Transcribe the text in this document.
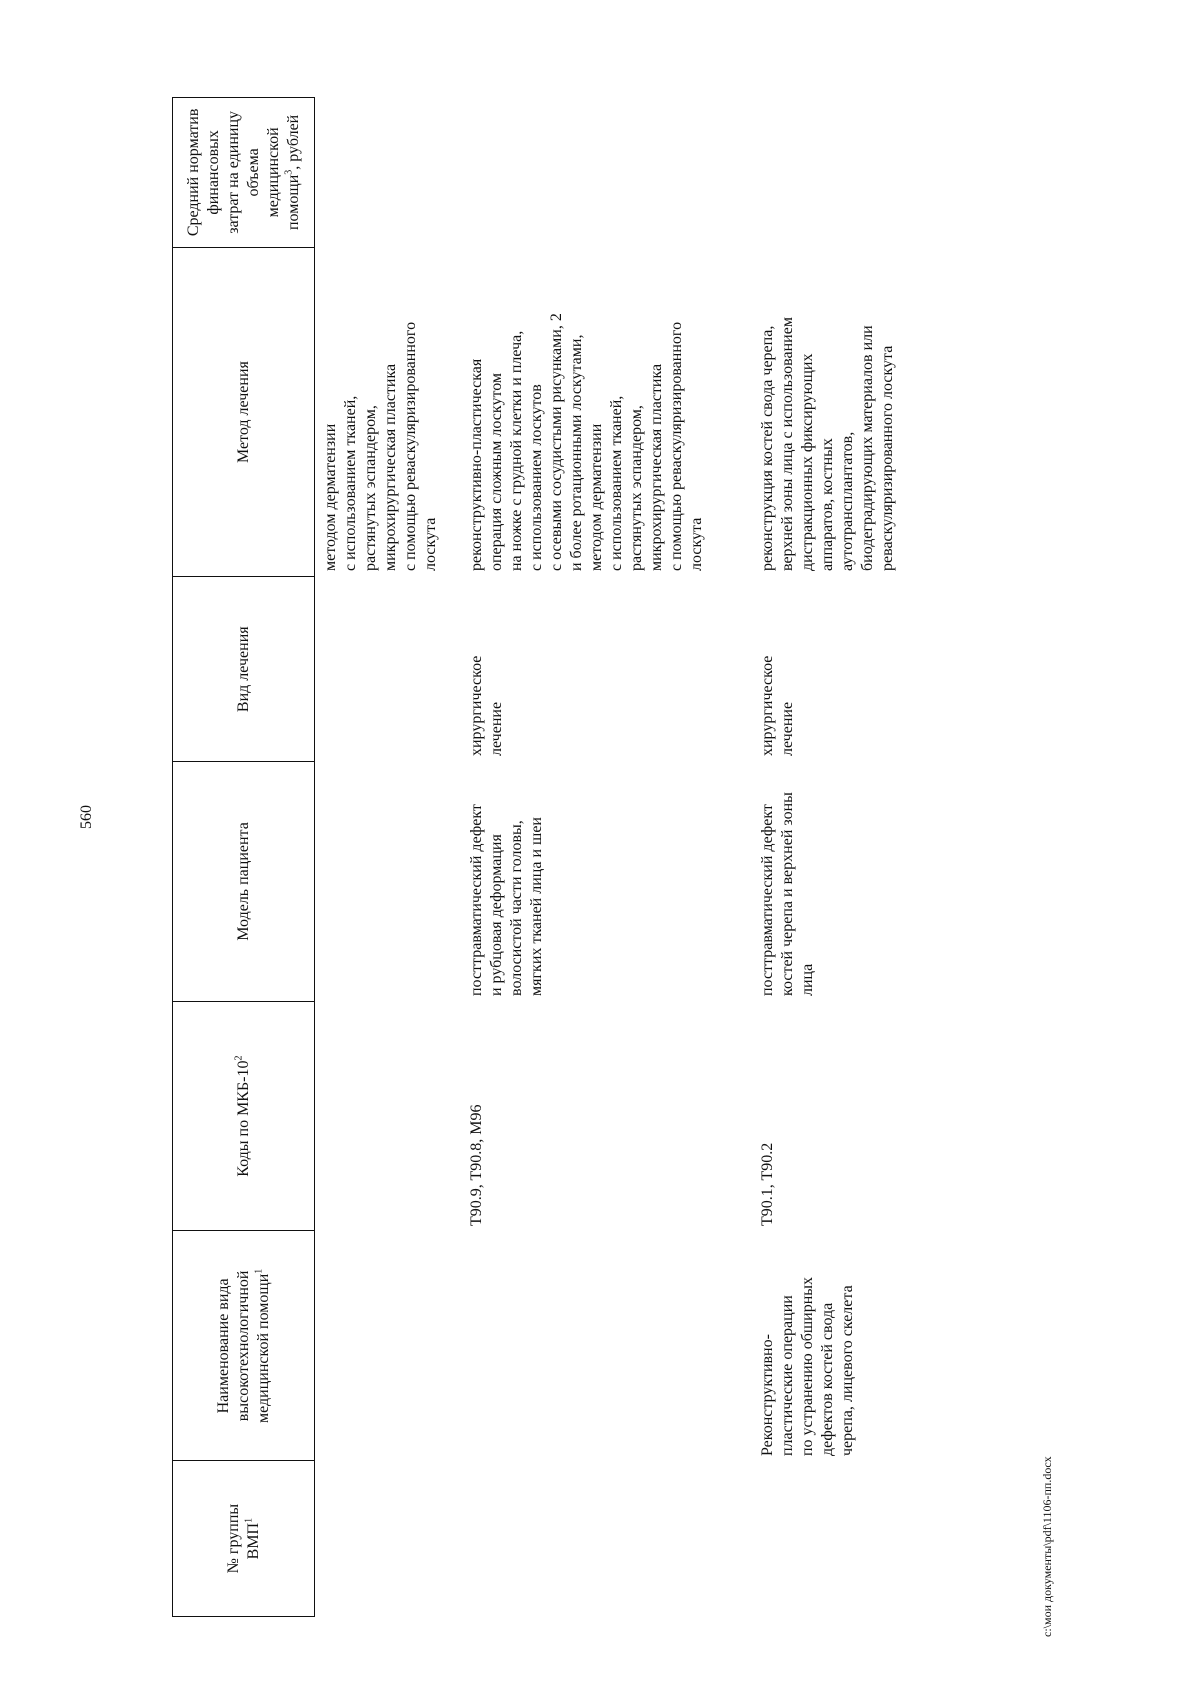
560
№ группы ВМП$^1$
Наименование вида высокотехнологичной медицинской помощи$^1$
Коды по МКБ-$10^2$
Модель пациента
Вид лечения
Метод лечения
Средний норматив финансовых затрат на единицу объема медицинской помощи$^3$, рублей
методом дерматензии с использованием тканей, растянутых эспандером, микрохирургическая пластика с помощью реваскуляризированного лоскута
T90.9, T90.8, M96
посттравматический дефект и рубцовая деформация волосистой части головы, мягких тканей лица и шеи
хирургическое лечение
реконструктивно-пластическая операция сложным лоскутом на ножке с грудной клетки и плеча, с использованием лоскутов с осевыми сосудистыми рисунками, 2 и более ротационными лоскутами, методом дерматензии с использованием тканей, растянутых эспандером, микрохирургическая пластика с помощью реваскуляризированного лоскута
Реконструктивно- пластические операции по устранению обширных дефектов костей свода черепа, лицевого скелета
T90.1, T90.2
посттравматический дефект костей черепа и верхней зоны лица
хирургическое лечение
реконструкция костей свода черепа, верхней зоны лица с использованием дистракционных фиксирующих аппаратов, костных аутотрансплантатов, биодеградирующих материалов или реваскуляризированного лоскута
c:\мои документы\pdf\1106-пп.docx
